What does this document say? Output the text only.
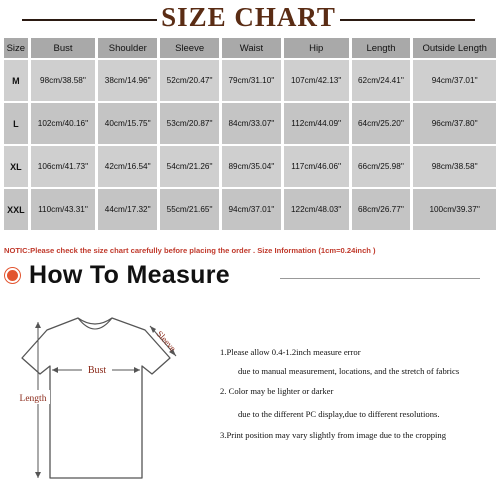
SIZE CHART
Size	Bust	Shoulder	Sleeve	Waist	Hip	Length	Outside Length
M	98cm/38.58''	38cm/14.96''	52cm/20.47''	79cm/31.10''	107cm/42.13''	62cm/24.41''	94cm/37.01''
L	102cm/40.16''	40cm/15.75''	53cm/20.87''	84cm/33.07''	112cm/44.09''	64cm/25.20''	96cm/37.80''
XL	106cm/41.73''	42cm/16.54''	54cm/21.26''	89cm/35.04''	117cm/46.06''	66cm/25.98''	98cm/38.58''
XXL	110cm/43.31''	44cm/17.32''	55cm/21.65''	94cm/37.01''	122cm/48.03''	68cm/26.77''	100cm/39.37''
NOTIC:Please check the size chart carefully before placing the order . Size Information (1cm=0.24inch )
How To Measure
Bust
Length
Sleeve	1.Please allow 0.4-1.2inch measure error
due to manual measurement, locations, and the stretch of fabrics
2. Color may be lighter or darker
due to the different PC display,due to different resolutions.
3.Print position may vary slightly from image due to the cropping
